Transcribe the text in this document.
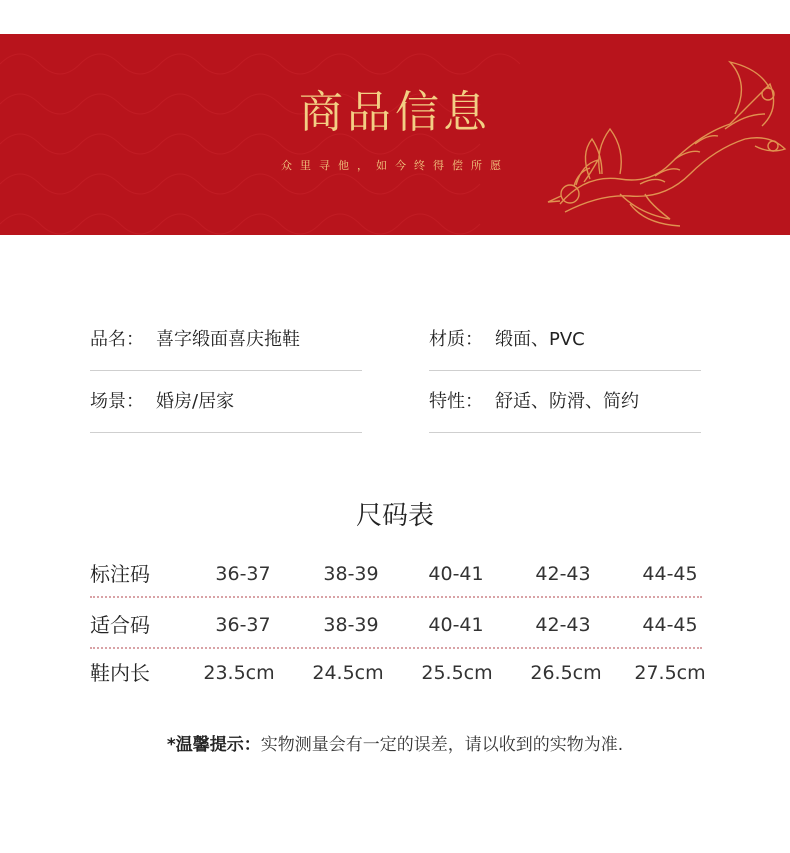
商品信息
众里寻他，如今终得偿所愿
品名： 喜字缎面喜庆拖鞋	材质： 缎面、PVC
场景： 婚房/居家	特性： 舒适、防滑、简约
尺码表
标注码	36-37	38-39	40-41	42-43	44-45
适合码	36-37	38-39	40-41	42-43	44-45
鞋内长	23.5cm	24.5cm	25.5cm	26.5cm	27.5cm
*温馨提示：实物测量会有一定的误差，请以收到的实物为准.
